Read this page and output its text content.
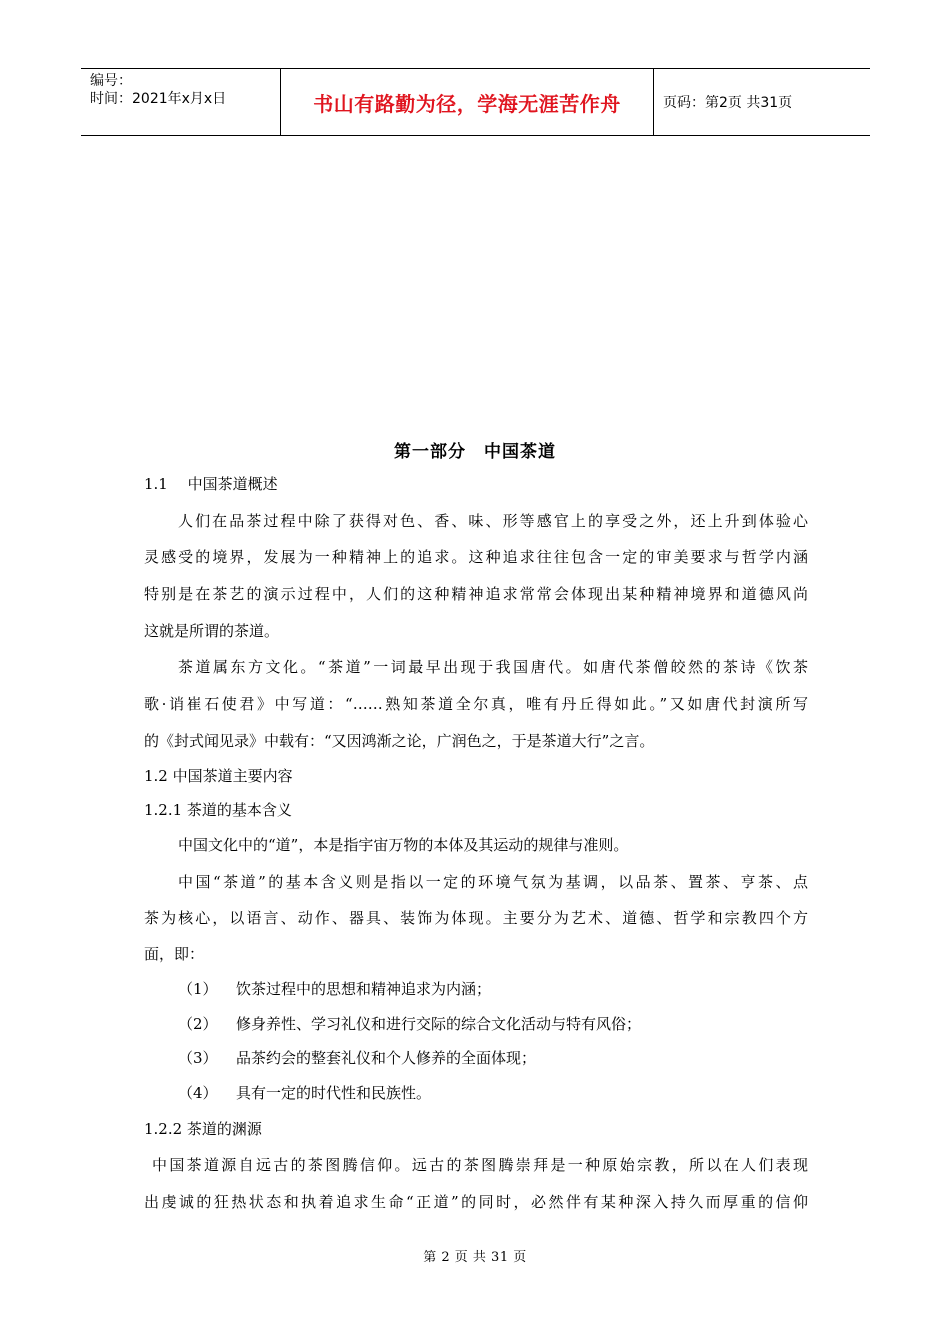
编号：
时间：2021年x月x日	书山有路勤为径，学海无涯苦作舟	页码：第2页 共31页
第一部分　中国茶道
1.1　 中国茶道概述
人们在品茶过程中除了获得对色、香、味、形等感官上的享受之外，还上升到体验心
灵感受的境界，发展为一种精神上的追求。这种追求往往包含一定的审美要求与哲学内涵
特别是在茶艺的演示过程中，人们的这种精神追求常常会体现出某种精神境界和道德风尚
这就是所谓的茶道。
茶道属东方文化。“茶道”一词最早出现于我国唐代。如唐代茶僧皎然的茶诗《饮茶
歌·诮崔石使君》中写道：“……熟知茶道全尔真，唯有丹丘得如此。”又如唐代封演所写
的《封式闻见录》中载有：“又因鸿渐之论，广润色之，于是茶道大行”之言。
1.2 中国茶道主要内容
1.2.1 茶道的基本含义
中国文化中的“道”，本是指宇宙万物的本体及其运动的规律与准则。
中国“茶道”的基本含义则是指以一定的环境气氛为基调，以品茶、置茶、亨茶、点
茶为核心，以语言、动作、器具、装饰为体现。主要分为艺术、道德、哲学和宗教四个方
面，即：
（1） 饮茶过程中的思想和精神追求为内涵；
（2） 修身养性、学习礼仪和进行交际的综合文化活动与特有风俗；
（3） 品茶约会的整套礼仪和个人修养的全面体现；
（4） 具有一定的时代性和民族性。
1.2.2 茶道的渊源
中国茶道源自远古的茶图腾信仰。远古的茶图腾崇拜是一种原始宗教，所以在人们表现
出虔诚的狂热状态和执着追求生命“正道”的同时，必然伴有某种深入持久而厚重的信仰
第 2 页 共 31 页
